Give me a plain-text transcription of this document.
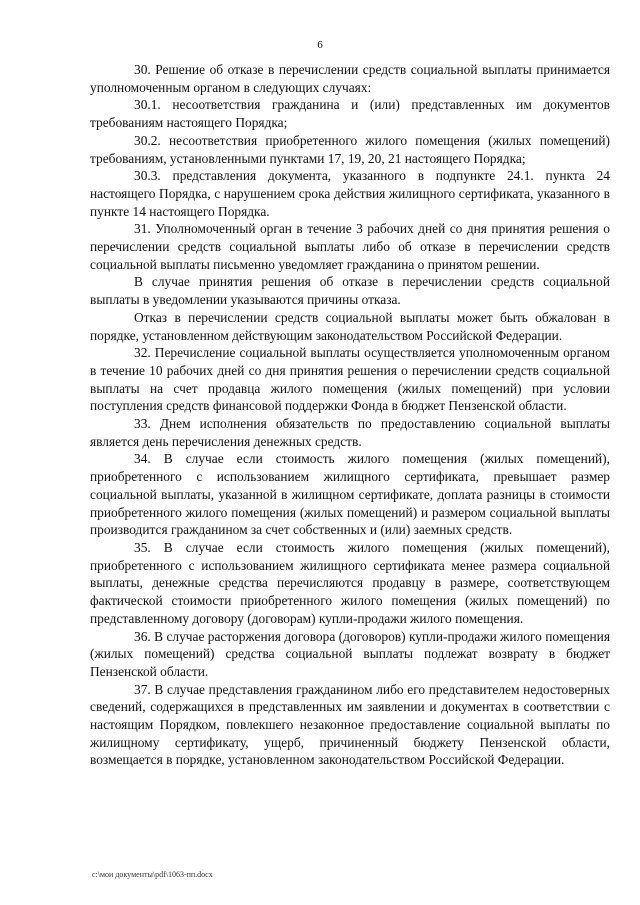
6

30. Решение об отказе в перечислении средств социальной выплаты принимается уполномоченным органом в следующих случаях:

30.1. несоответствия гражданина и (или) представленных им документов требованиям настоящего Порядка;

30.2. несоответствия приобретенного жилого помещения (жилых помещений) требованиям, установленными пунктами 17, 19, 20, 21 настоящего Порядка;

30.3. представления документа, указанного в подпункте 24.1. пункта 24 настоящего Порядка, с нарушением срока действия жилищного сертификата, указанного в пункте 14 настоящего Порядка.

31. Уполномоченный орган в течение 3 рабочих дней со дня принятия решения о перечислении средств социальной выплаты либо об отказе в перечислении средств социальной выплаты письменно уведомляет гражданина о принятом решении.

В случае принятия решения об отказе в перечислении средств социальной выплаты в уведомлении указываются причины отказа.

Отказ в перечислении средств социальной выплаты может быть обжалован в порядке, установленном действующим законодательством Российской Федерации.

32. Перечисление социальной выплаты осуществляется уполномоченным органом в течение 10 рабочих дней со дня принятия решения о перечислении средств социальной выплаты на счет продавца жилого помещения (жилых помещений) при условии поступления средств финансовой поддержки Фонда в бюджет Пензенской области.

33. Днем исполнения обязательств по предоставлению социальной выплаты является день перечисления денежных средств.

34. В случае если стоимость жилого помещения (жилых помещений), приобретенного с использованием жилищного сертификата, превышает размер социальной выплаты, указанной в жилищном сертификате, доплата разницы в стоимости приобретенного жилого помещения (жилых помещений) и размером социальной выплаты производится гражданином за счет собственных и (или) заемных средств.

35. В случае если стоимость жилого помещения (жилых помещений), приобретенного с использованием жилищного сертификата менее размера социальной выплаты, денежные средства перечисляются продавцу в размере, соответствующем фактической стоимости приобретенного жилого помещения (жилых помещений) по представленному договору (договорам) купли-продажи жилого помещения.

36. В случае расторжения договора (договоров) купли-продажи жилого помещения (жилых помещений) средства социальной выплаты подлежат возврату в бюджет Пензенской области.

37. В случае представления гражданином либо его представителем недостоверных сведений, содержащихся в представленных им заявлении и документах в соответствии с настоящим Порядком, повлекшего незаконное предоставление социальной выплаты по жилищному сертификату, ущерб, причиненный бюджету Пензенской области, возмещается в порядке, установленном законодательством Российской Федерации.

c:\мои документы\pdf\1063-пп.docx
